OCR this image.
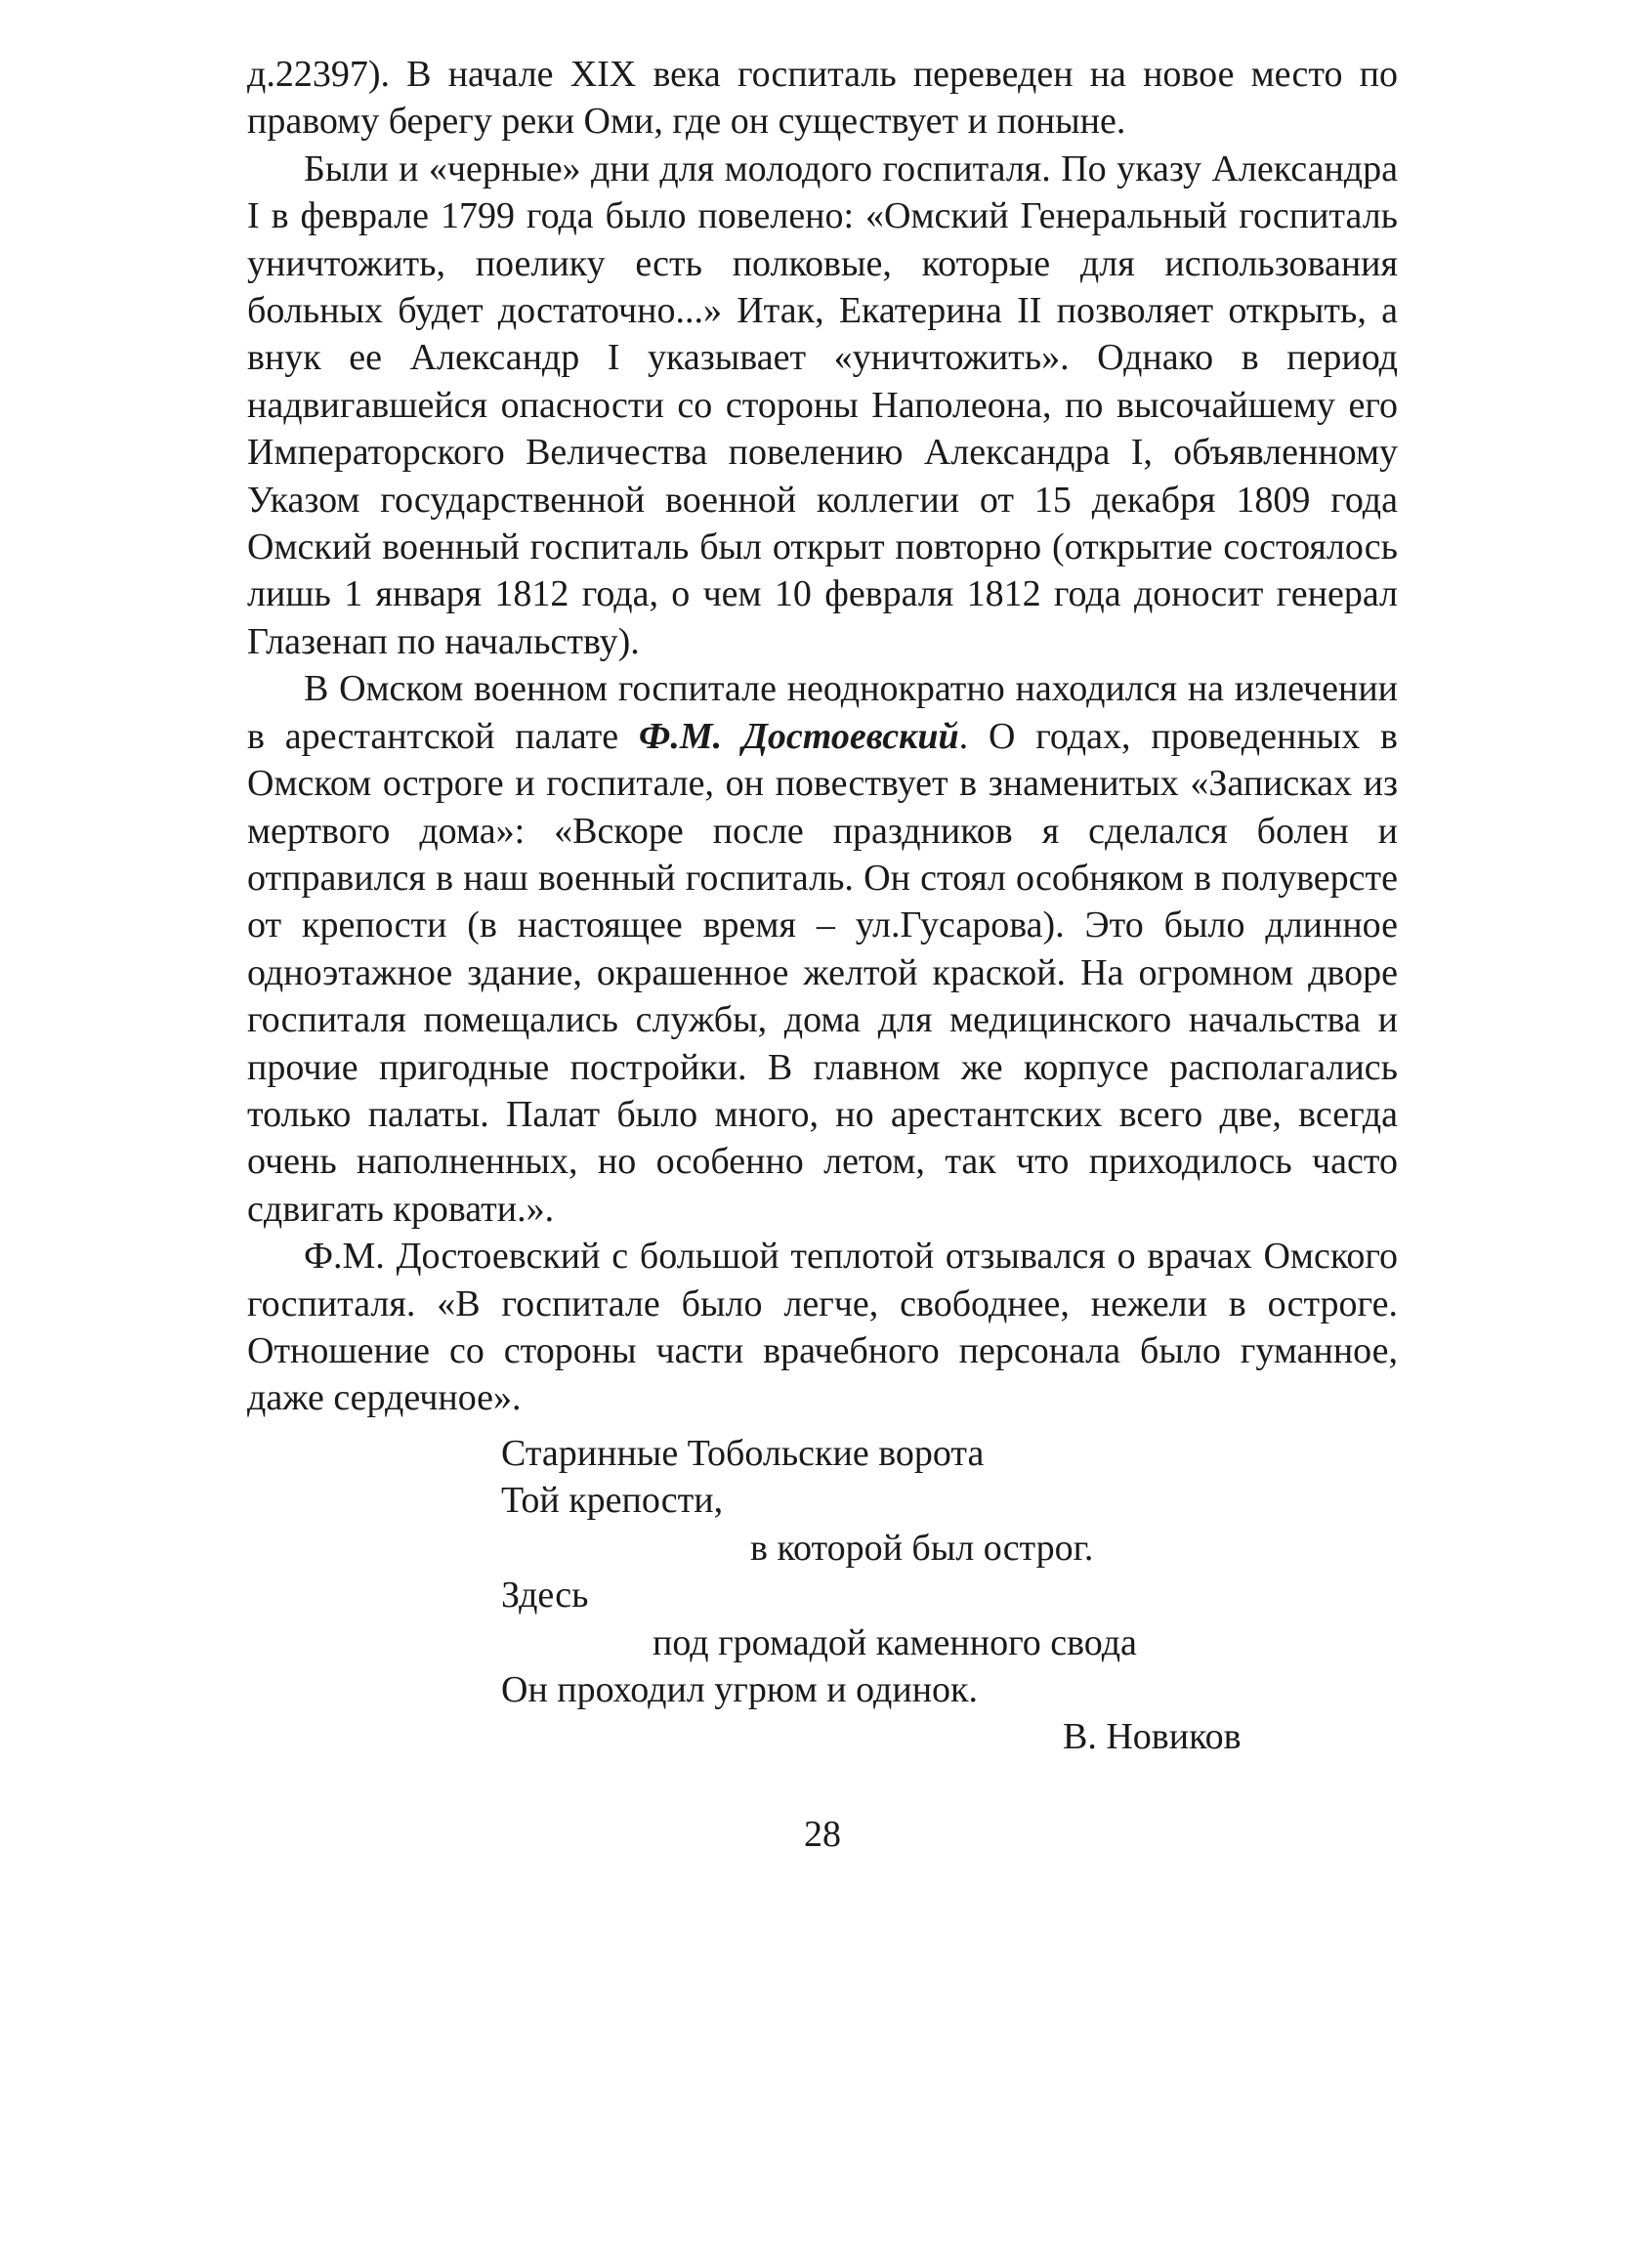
д.22397). В начале XIX века госпиталь переведен на новое место по правому берегу реки Оми, где он существует и поныне.

Были и «черные» дни для молодого госпиталя. По указу Александра I в феврале 1799 года было повелено: «Омский Генеральный госпиталь уничтожить, поелику есть полковые, которые для использования больных будет достаточно...» Итак, Екатерина II позволяет открыть, а внук ее Александр I указывает «уничтожить». Однако в период надвигавшейся опасности со стороны Наполеона, по высочайшему его Императорского Величества повелению Александра I, объявленному Указом государственной военной коллегии от 15 декабря 1809 года Омский военный госпиталь был открыт повторно (открытие состоялось лишь 1 января 1812 года, о чем 10 февраля 1812 года доносит генерал Глазенап по начальству).

В Омском военном госпитале неоднократно находился на излечении в арестантской палате Ф.М. Достоевский. О годах, проведенных в Омском остроге и госпитале, он повествует в знаменитых «Записках из мертвого дома»: «Вскоре после праздников я сделался болен и отправился в наш военный госпиталь. Он стоял особняком в полуверсте от крепости (в настоящее время – ул.Гусарова). Это было длинное одноэтажное здание, окрашенное желтой краской. На огромном дворе госпиталя помещались службы, дома для медицинского начальства и прочие пригодные постройки. В главном же корпусе располагались только палаты. Палат было много, но арестантских всего две, всегда очень наполненных, но особенно летом, так что приходилось часто сдвигать кровати.».

Ф.М. Достоевский с большой теплотой отзывался о врачах Омского госпиталя. «В госпитале было легче, свободнее, нежели в остроге. Отношение со стороны части врачебного персонала было гуманное, даже сердечное».

Старинные Тобольские ворота
Той крепости,
в которой был острог.
Здесь
под громадой каменного свода
Он проходил угрюм и одинок.
В. Новиков
28
